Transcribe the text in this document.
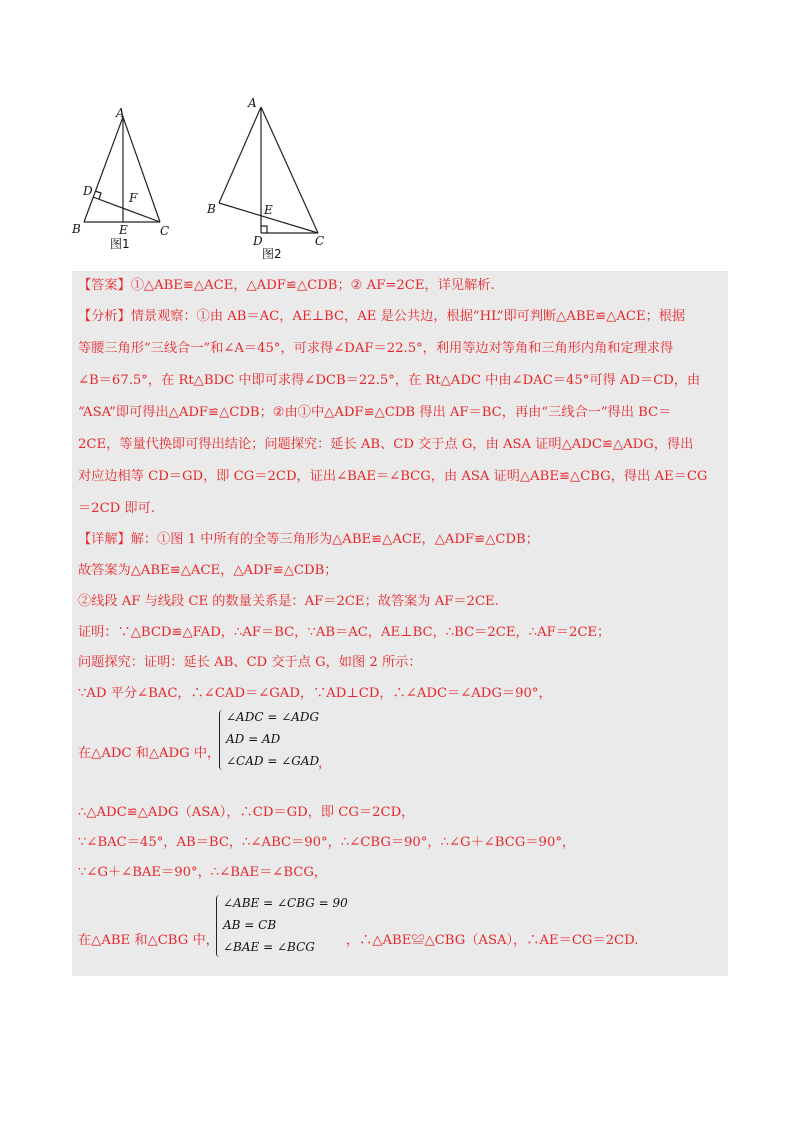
A
B	C
D
E
F
图1
A
B
C
D
E
图2
【答案】①△ABE≌△ACE，△ADF≌△CDB；② AF=2CE，详见解析.
【分析】情景观察：①由 AB＝AC，AE⊥BC，AE 是公共边，根据“HL”即可判断△ABE≌△ACE；根据
等腰三角形“三线合一”和∠A＝45°，可求得∠DAF＝22.5°，利用等边对等角和三角形内角和定理求得
∠B＝67.5°，在 Rt△BDC 中即可求得∠DCB＝22.5°，在 Rt△ADC 中由∠DAC＝45°可得 AD＝CD，由
“ASA”即可得出△ADF≌△CDB；②由①中△ADF≌△CDB 得出 AF＝BC，再由“三线合一”得出 BC＝
2CE，等量代换即可得出结论；问题探究：延长 AB、CD 交于点 G，由 ASA 证明△ADC≌△ADG，得出
对应边相等 CD＝GD，即 CG＝2CD，证出∠BAE＝∠BCG，由 ASA 证明△ABE≌△CBG，得出 AE＝CG
＝2CD 即可.
【详解】解：①图 1 中所有的全等三角形为△ABE≌△ACE，△ADF≌△CDB；
故答案为△ABE≌△ACE，△ADF≌△CDB；
②线段 AF 与线段 CE 的数量关系是：AF＝2CE；故答案为 AF＝2CE.
证明：∵△BCD≌△FAD，∴AF＝BC，∵AB＝AC，AE⊥BC，∴BC＝2CE，∴AF＝2CE；
问题探究：证明：延长 AB、CD 交于点 G，如图 2 所示：
∵AD 平分∠BAC，∴∠CAD＝∠GAD，∵AD⊥CD，∴∠ADC＝∠ADG＝90°，
在△ADC 和△ADG 中，
∠ADC = ∠ADG
AD = AD
∠CAD = ∠GAD
，
∴△ADC≌△ADG（ASA），∴CD＝GD，即 CG＝2CD，
∵∠BAC＝45°，AB＝BC，∴∠ABC＝90°，∴∠CBG＝90°，∴∠G＋∠BCG＝90°，
∵∠G＋∠BAE＝90°，∴∠BAE＝∠BCG，
在△ABE 和△CBG 中，
∠ABE = ∠CBG = 90
AB = CB
∠BAE = ∠BCG ，∴△ABE≌△CBG（ASA），∴AE＝CG＝2CD.
